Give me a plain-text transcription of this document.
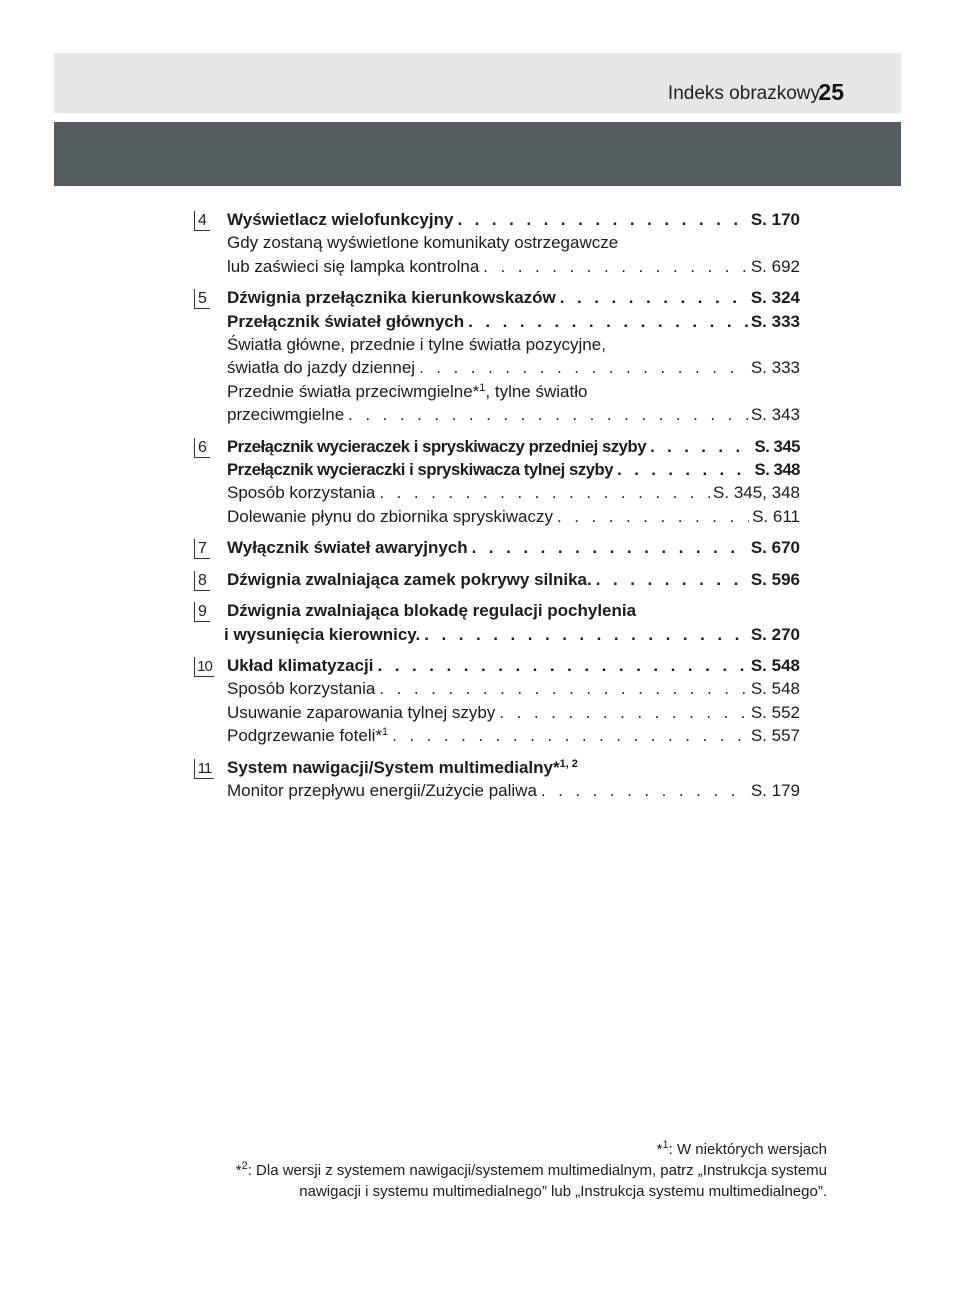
Indeks obrazkowy
25
4 Wyświetlacz wielofunkcyjny . . .	S. 170
Gdy zostaną wyświetlone komunikaty ostrzegawcze
lub zaświeci się lampka kontrolna . . .	S. 692
5 Dźwignia przełącznika kierunkowskazów . . .	S. 324
Przełącznik świateł głównych . . .	S. 333
Światła główne, przednie i tylne światła pozycyjne,
światła do jazdy dziennej . . .	S. 333
Przednie światła przeciwmgielne*$^1$, tylne światło
przeciwmgielne . . .	S. 343
6 Przełącznik wycieraczek i spryskiwaczy przedniej szyby . . .	S. 345
Przełącznik wycieraczki i spryskiwacza tylnej szyby . . .	S. 348
Sposób korzystania . . .	S. 345, 348
Dolewanie płynu do zbiornika spryskiwaczy . . .	S. 611
7 Wyłącznik świateł awaryjnych . . .	S. 670
8 Dźwignia zwalniająca zamek pokrywy silnika. . . .	S. 596
9 Dźwignia zwalniająca blokadę regulacji pochylenia
i wysunięcia kierownicy. . . .	S. 270
10 Układ klimatyzacji . . .	S. 548
Sposób korzystania . . .	S. 548
Usuwanie zaparowania tylnej szyby . . .	S. 552
Podgrzewanie foteli*$^1$ . . .	S. 557
11 System nawigacji/System multimedialny*$^{1, 2}$
Monitor przepływu energii/Zużycie paliwa . . .	S. 179
*$^1$: W niektórych wersjach
*$^2$: Dla wersji z systemem nawigacji/systemem multimedialnym, patrz „Instrukcja systemu
nawigacji i systemu multimedialnego” lub „Instrukcja systemu multimedialnego”.
